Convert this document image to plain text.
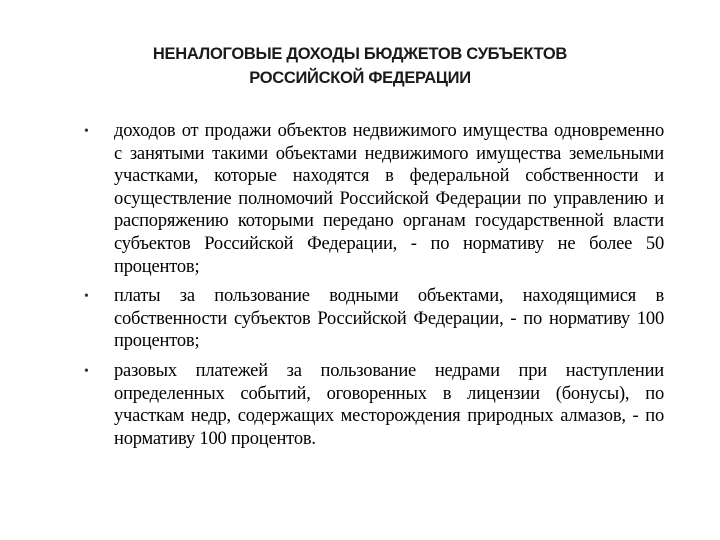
НЕНАЛОГОВЫЕ ДОХОДЫ БЮДЖЕТОВ СУБЪЕКТОВ
РОССИЙСКОЙ ФЕДЕРАЦИИ
• доходов от продажи объектов недвижимого имущества одновременно с занятыми такими объектами недвижимого имущества земельными участками, которые находятся в федеральной собственности и осуществление полномочий Российской Федерации по управлению и распоряжению которыми передано органам государственной власти субъектов Российской Федерации, - по нормативу не более 50 процентов;
• платы за пользование водными объектами, находящимися в собственности субъектов Российской Федерации, - по нормативу 100 процентов;
• разовых платежей за пользование недрами при наступлении определенных событий, оговоренных в лицензии (бонусы), по участкам недр, содержащих месторождения природных алмазов, - по нормативу 100 процентов.
